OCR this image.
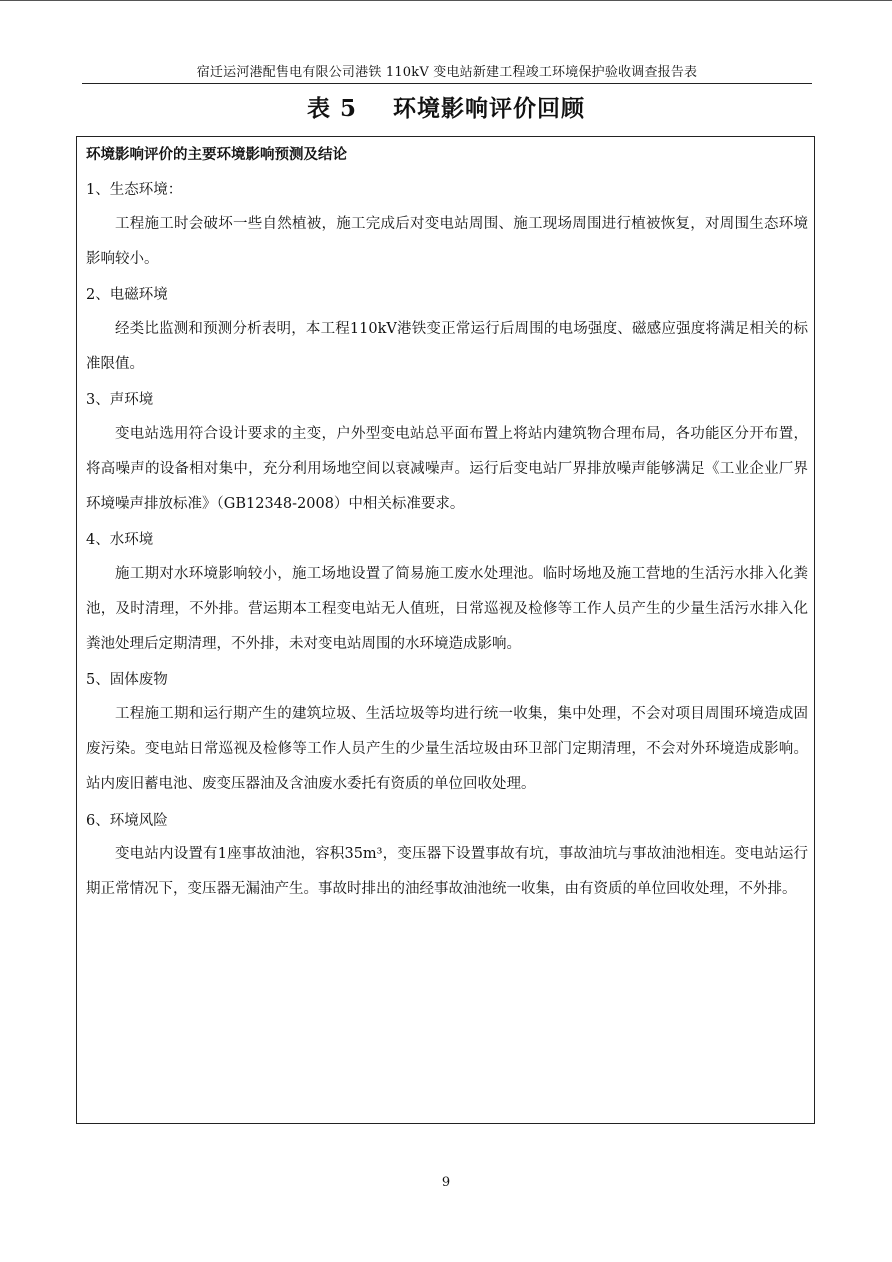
宿迁运河港配售电有限公司港铁 110kV 变电站新建工程竣工环境保护验收调查报告表
表 5    环境影响评价回顾
环境影响评价的主要环境影响预测及结论
1、生态环境：

工程施工时会破坏一些自然植被，施工完成后对变电站周围、施工现场周围进行植被恢复，对周围生态环境影响较小。

2、电磁环境

经类比监测和预测分析表明，本工程110kV港铁变正常运行后周围的电场强度、磁感应强度将满足相关的标准限值。

3、声环境

变电站选用符合设计要求的主变，户外型变电站总平面布置上将站内建筑物合理布局，各功能区分开布置，将高噪声的设备相对集中，充分利用场地空间以衰减噪声。运行后变电站厂界排放噪声能够满足《工业企业厂界环境噪声排放标准》（GB12348-2008）中相关标准要求。

4、水环境

施工期对水环境影响较小，施工场地设置了简易施工废水处理池。临时场地及施工营地的生活污水排入化粪池，及时清理，不外排。营运期本工程变电站无人值班，日常巡视及检修等工作人员产生的少量生活污水排入化粪池处理后定期清理，不外排，未对变电站周围的水环境造成影响。

5、固体废物

工程施工期和运行期产生的建筑垃圾、生活垃圾等均进行统一收集，集中处理，不会对项目周围环境造成固废污染。变电站日常巡视及检修等工作人员产生的少量生活垃圾由环卫部门定期清理，不会对外环境造成影响。站内废旧蓄电池、废变压器油及含油废水委托有资质的单位回收处理。

6、环境风险

变电站内设置有1座事故油池，容积35m³，变压器下设置事故有坑，事故油坑与事故油池相连。变电站运行期正常情况下，变压器无漏油产生。事故时排出的油经事故油池统一收集，由有资质的单位回收处理，不外排。

9
